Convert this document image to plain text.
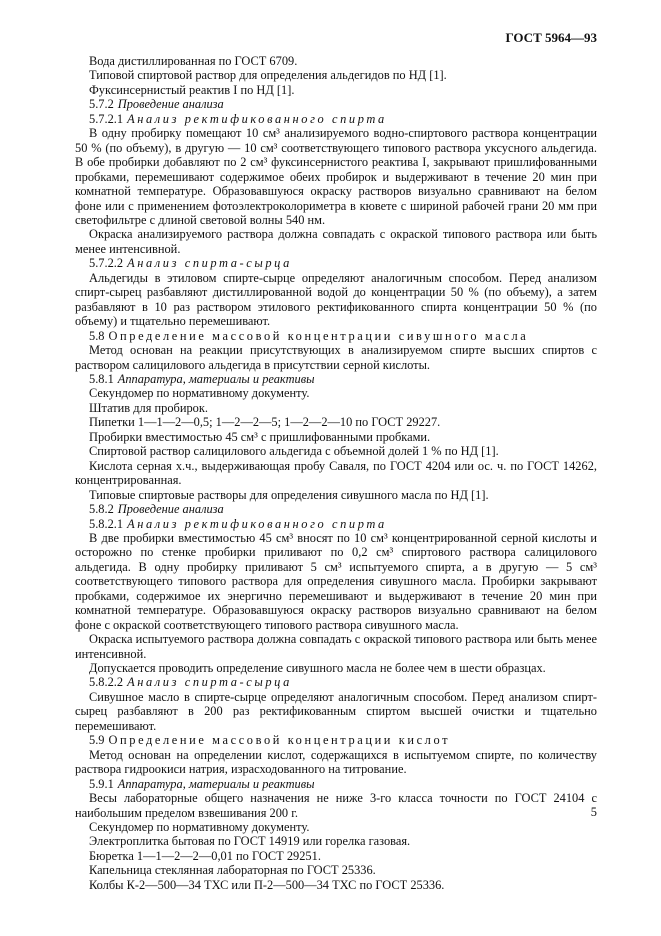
ГОСТ 5964—93

Вода дистиллированная по ГОСТ 6709.

Типовой спиртовой раствор для определения альдегидов по НД [1].

Фуксинсернистый реактив I по НД [1].

5.7.2 Проведение анализа

5.7.2.1 Анализ ректификованного спирта

В одну пробирку помещают 10 см³ анализируемого водно-спиртового раствора концентрации 50 % (по объему), в другую — 10 см³ соответствующего типового раствора уксусного альдегида. В обе пробирки добавляют по 2 см³ фуксинсернистого реактива I, закрывают пришлифованными пробками, перемешивают содержимое обеих пробирок и выдерживают в течение 20 мин при комнатной температуре. Образовавшуюся окраску растворов визуально сравнивают на белом фоне или с применением фотоэлектроколориметра в кювете с шириной рабочей грани 20 мм при светофильтре с длиной световой волны 540 нм.

Окраска анализируемого раствора должна совпадать с окраской типового раствора или быть менее интенсивной.

5.7.2.2 Анализ спирта-сырца

Альдегиды в этиловом спирте-сырце определяют аналогичным способом. Перед анализом спирт-сырец разбавляют дистиллированной водой до концентрации 50 % (по объему), а затем разбавляют в 10 раз раствором этилового ректификованного спирта концентрации 50 % (по объему) и тщательно перемешивают.

5.8 Определение массовой концентрации сивушного масла

Метод основан на реакции присутствующих в анализируемом спирте высших спиртов с раствором салицилового альдегида в присутствии серной кислоты.

5.8.1 Аппаратура, материалы и реактивы

Секундомер по нормативному документу.

Штатив для пробирок.

Пипетки 1—1—2—0,5; 1—2—2—5; 1—2—2—10 по ГОСТ 29227.

Пробирки вместимостью 45 см³ с пришлифованными пробками.

Спиртовой раствор салицилового альдегида с объемной долей 1 % по НД [1].

Кислота серная х.ч., выдерживающая пробу Саваля, по ГОСТ 4204 или ос. ч. по ГОСТ 14262, концентрированная.

Типовые спиртовые растворы для определения сивушного масла по НД [1].

5.8.2 Проведение анализа

5.8.2.1 Анализ ректификованного спирта

В две пробирки вместимостью 45 см³ вносят по 10 см³ концентрированной серной кислоты и осторожно по стенке пробирки приливают по 0,2 см³ спиртового раствора салицилового альдегида. В одну пробирку приливают 5 см³ испытуемого спирта, а в другую — 5 см³ соответствующего типового раствора для определения сивушного масла. Пробирки закрывают пробками, содержимое их энергично перемешивают и выдерживают в течение 20 мин при комнатной температуре. Образовавшуюся окраску растворов визуально сравнивают на белом фоне с окраской соответствующего типового раствора сивушного масла.

Окраска испытуемого раствора должна совпадать с окраской типового раствора или быть менее интенсивной.

Допускается проводить определение сивушного масла не более чем в шести образцах.

5.8.2.2 Анализ спирта-сырца

Сивушное масло в спирте-сырце определяют аналогичным способом. Перед анализом спирт-сырец разбавляют в 200 раз ректификованным спиртом высшей очистки и тщательно перемешивают.

5.9 Определение массовой концентрации кислот

Метод основан на определении кислот, содержащихся в испытуемом спирте, по количеству раствора гидроокиси натрия, израсходованного на титрование.

5.9.1 Аппаратура, материалы и реактивы

Весы лабораторные общего назначения не ниже 3-го класса точности по ГОСТ 24104 с наибольшим пределом взвешивания 200 г.

Секундомер по нормативному документу.

Электроплитка бытовая по ГОСТ 14919 или горелка газовая.

Бюретка 1—1—2—2—0,01 по ГОСТ 29251.

Капельница стеклянная лабораторная по ГОСТ 25336.

Колбы К-2—500—34 ТХС или П-2—500—34 ТХС по ГОСТ 25336.

5
